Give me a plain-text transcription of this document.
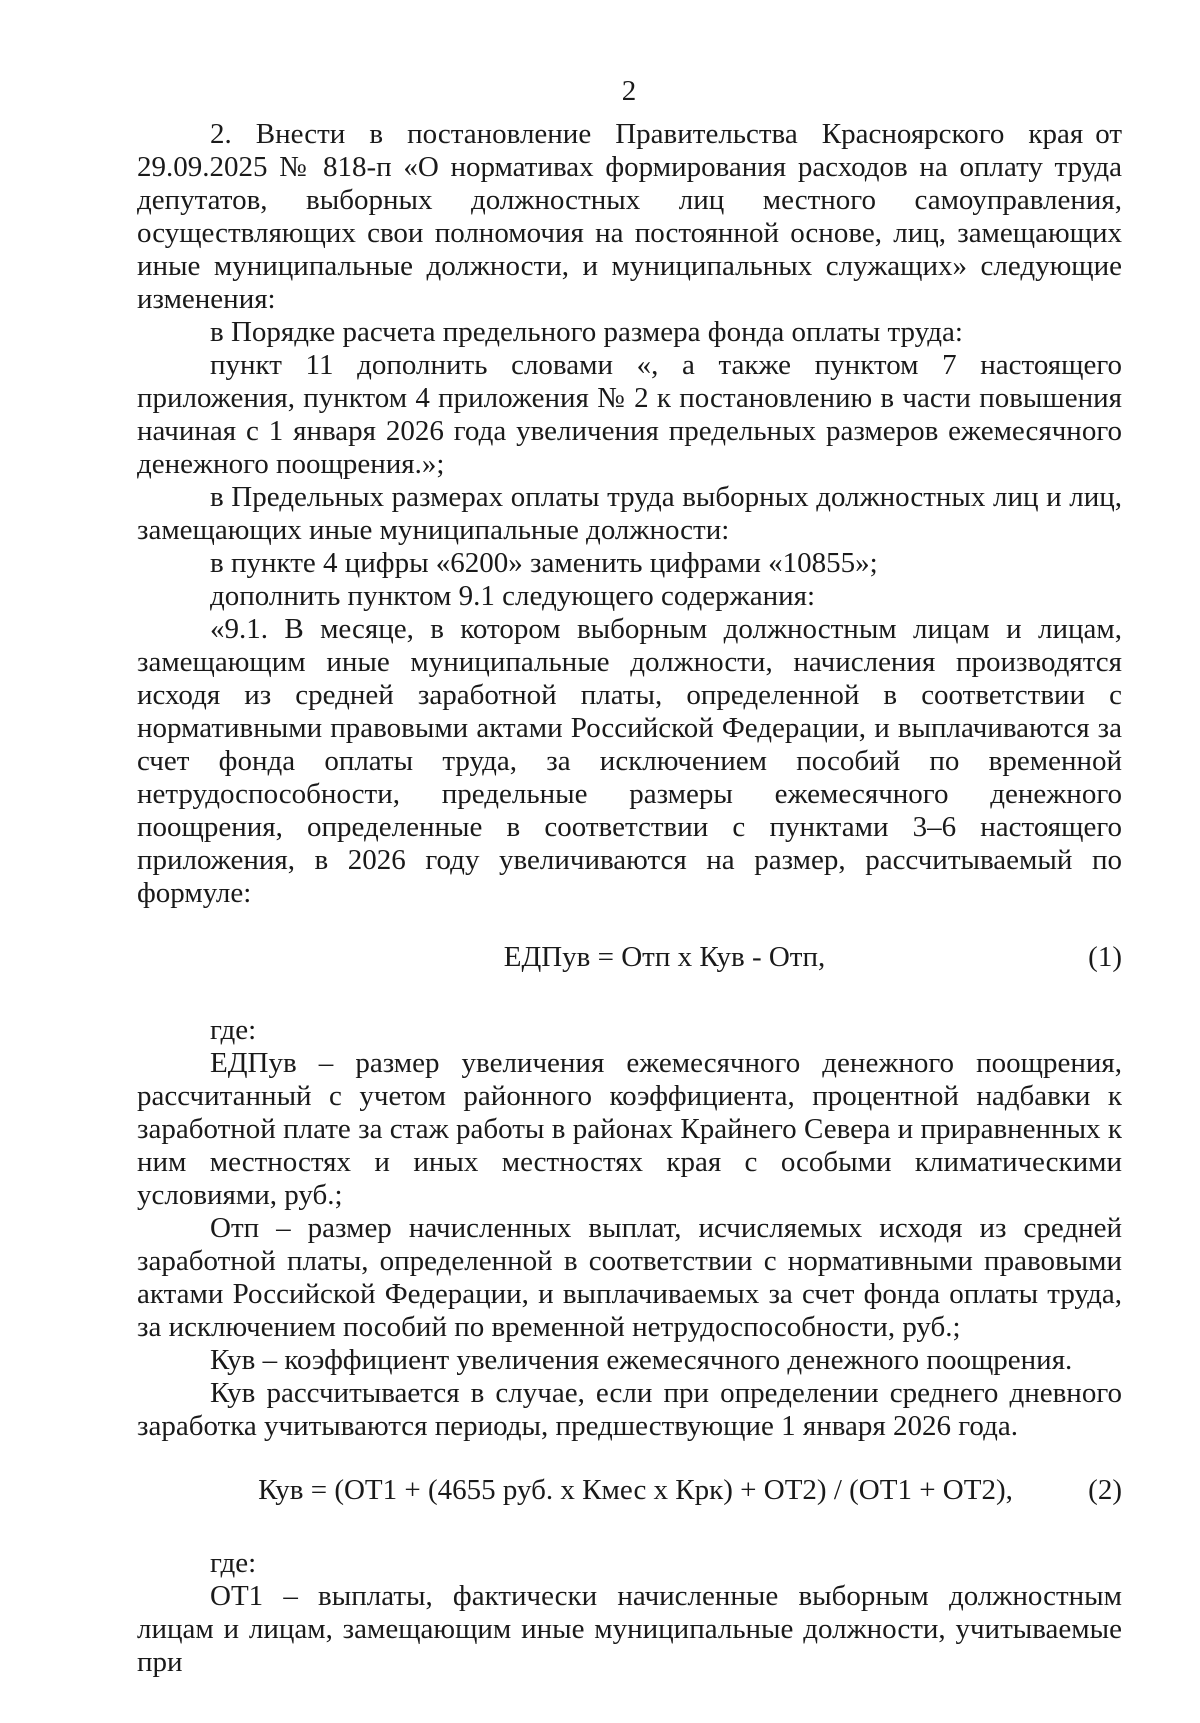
2

2.  Внести  в  постановление  Правительства  Красноярского  края от 29.09.2025 № 818-п «О нормативах формирования расходов на оплату труда депутатов, выборных должностных лиц местного самоуправления, осуществляющих свои полномочия на постоянной основе, лиц, замещающих иные муниципальные должности, и муниципальных служащих» следующие изменения:

в Порядке расчета предельного размера фонда оплаты труда:

пункт 11 дополнить словами «, а также пунктом 7 настоящего приложения, пунктом 4 приложения № 2 к постановлению в части повышения начиная с 1 января 2026 года увеличения предельных размеров ежемесячного денежного поощрения.»;

в Предельных размерах оплаты труда выборных должностных лиц и лиц, замещающих иные муниципальные должности:

в пункте 4 цифры «6200» заменить цифрами «10855»;

дополнить пунктом 9.1 следующего содержания:

«9.1. В месяце, в котором выборным должностным лицам и лицам, замещающим иные муниципальные должности, начисления производятся исходя из средней заработной платы, определенной в соответствии с нормативными правовыми актами Российской Федерации, и выплачиваются за счет фонда оплаты труда, за исключением пособий по временной нетрудоспособности, предельные размеры ежемесячного денежного поощрения, определенные в соответствии с пунктами 3–6 настоящего приложения, в 2026 году увеличиваются на размер, рассчитываемый по формуле:

ЕДПув = Отп х Кув - Отп,	(1)

где:

ЕДПув – размер увеличения ежемесячного денежного поощрения, рассчитанный с учетом районного коэффициента, процентной надбавки к заработной плате за стаж работы в районах Крайнего Севера и приравненных к ним местностях и иных местностях края с особыми климатическими условиями, руб.;

Отп – размер начисленных выплат, исчисляемых исходя из средней заработной платы, определенной в соответствии с нормативными правовыми актами Российской Федерации, и выплачиваемых за счет фонда оплаты труда, за исключением пособий по временной нетрудоспособности, руб.;

Кув – коэффициент увеличения ежемесячного денежного поощрения.

Кув рассчитывается в случае, если при определении среднего дневного заработка учитываются периоды, предшествующие 1 января 2026 года.

Кув = (ОТ1 + (4655 руб. х Кмес х Крк) + ОТ2) / (ОТ1 + ОТ2),	(2)

где:

ОТ1 – выплаты, фактически начисленные выборным должностным лицам и лицам, замещающим иные муниципальные должности, учитываемые при
